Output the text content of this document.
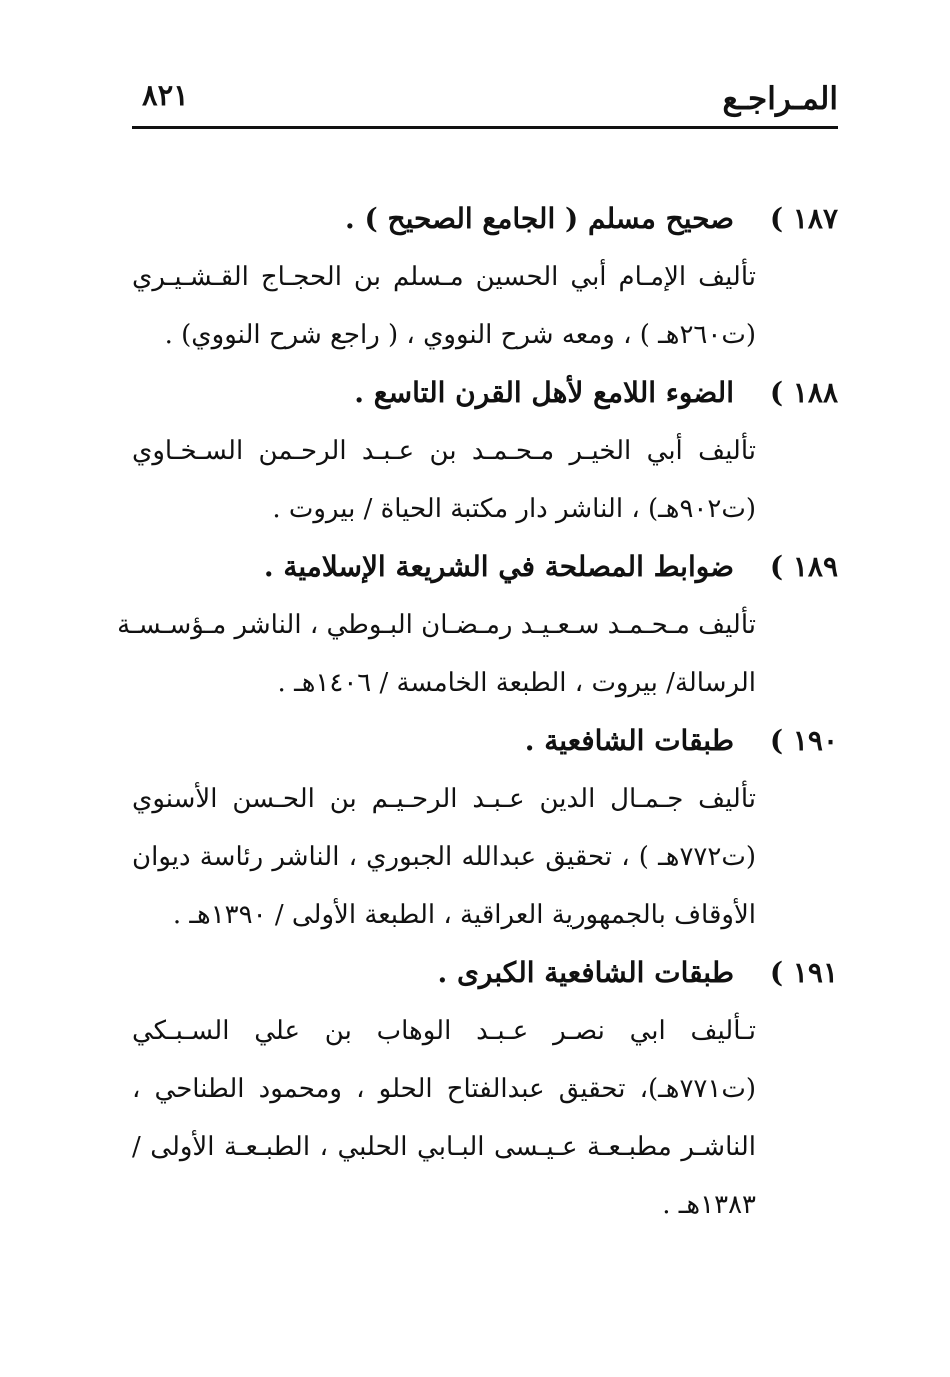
المـراجـع
٨٢١
١٨٧ )
صحيح مسلم ( الجامع الصحيح ) .
تأليف الإمـام أبي الحسين مـسلم بن الحجـاج القـشـيـري
(ت٢٦٠هـ ) ، ومعه شرح النووي ، ( راجع شرح النووي) .
١٨٨ )
الضوء اللامع لأهل القرن التاسع .
تأليف أبي الخيـر مـحـمـد بن عـبـد الرحـمن السـخـاوي
(ت٩٠٢هـ) ، الناشر دار مكتبة الحياة / بيروت .
١٨٩ )
ضوابط المصلحة في الشريعة الإسلامية .
تأليف مـحـمـد سـعـيـد رمـضـان البـوطي ، الناشر مـؤسـسـة
الرسالة/ بيروت ، الطبعة الخامسة / ١٤٠٦هـ .
١٩٠ )
طبقات الشافعية .
تأليف جـمـال الدين عـبـد الرحـيـم بن الحـسن الأسنوي
(ت٧٧٢هـ ) ، تحقيق عبدالله الجبوري ، الناشر رئاسة ديوان
الأوقاف بالجمهورية العراقية ، الطبعة الأولى / ١٣٩٠هـ .
١٩١ )
طبقات الشافعية الكبرى .
تـأليف ابي نصـر عـبـد الوهاب بن علي السـبـكي
(ت٧٧١هـ)، تحقيق عبدالفتاح الحلو ، ومحمود الطناحي ،
الناشـر مطبـعـة عـيـسى البـابي الحلبي ، الطبـعـة الأولى /
١٣٨٣هـ .
